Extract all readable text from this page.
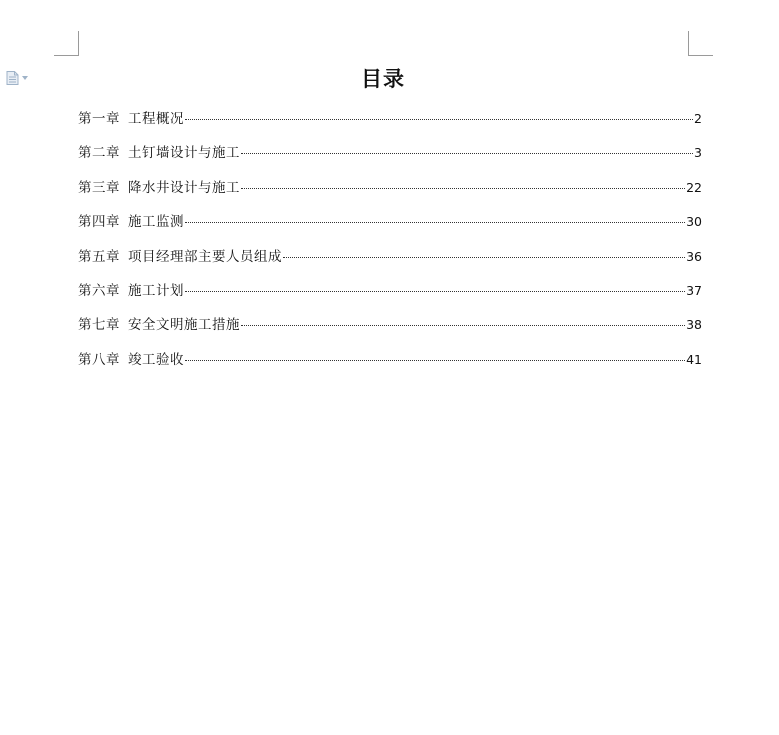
目录
第一章 工程概况	2
第二章 土钉墙设计与施工	3
第三章 降水井设计与施工	22
第四章 施工监测	30
第五章 项目经理部主要人员组成	36
第六章 施工计划	37
第七章 安全文明施工措施	38
第八章 竣工验收	41
